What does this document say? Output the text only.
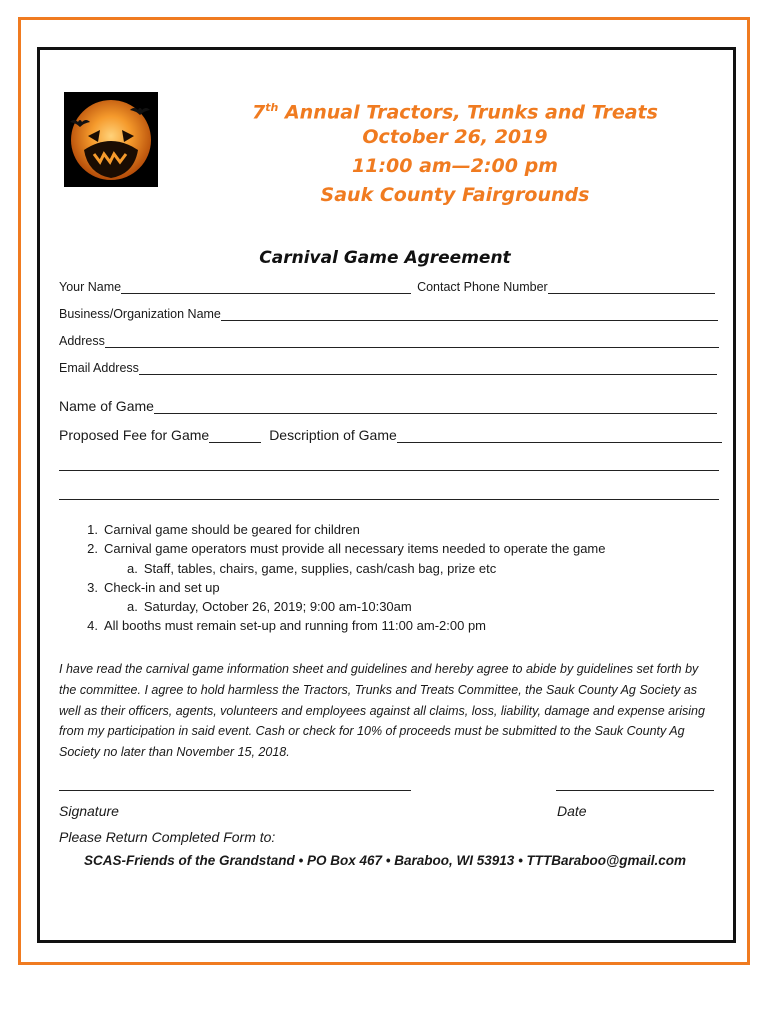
7th Annual Tractors, Trunks and Treats
October 26, 2019
11:00 am—2:00 pm
Sauk County Fairgrounds
Carnival Game Agreement
Your Name	Contact Phone Number
Business/Organization Name
Address
Email Address
Name of Game
Proposed Fee for Game	Description of Game
1. Carnival game should be geared for children
2. Carnival game operators must provide all necessary items needed to operate the game
a. Staff, tables, chairs, game, supplies, cash/cash bag, prize etc
3. Check-in and set up
a. Saturday, October 26, 2019; 9:00 am-10:30am
4. All booths must remain set-up and running from 11:00 am-2:00 pm

I have read the carnival game information sheet and guidelines and hereby agree to abide by guidelines set forth by the committee. I agree to hold harmless the Tractors, Trunks and Treats Committee, the Sauk County Ag Society as well as their officers, agents, volunteers and employees against all claims, loss, liability, damage and expense arising from my participation in said event. Cash or check for 10% of proceeds must be submitted to the Sauk County Ag Society no later than November 15, 2018.

Signature	Date
Please Return Completed Form to:
SCAS-Friends of the Grandstand • PO Box 467 • Baraboo, WI 53913 • TTTBaraboo@gmail.com
